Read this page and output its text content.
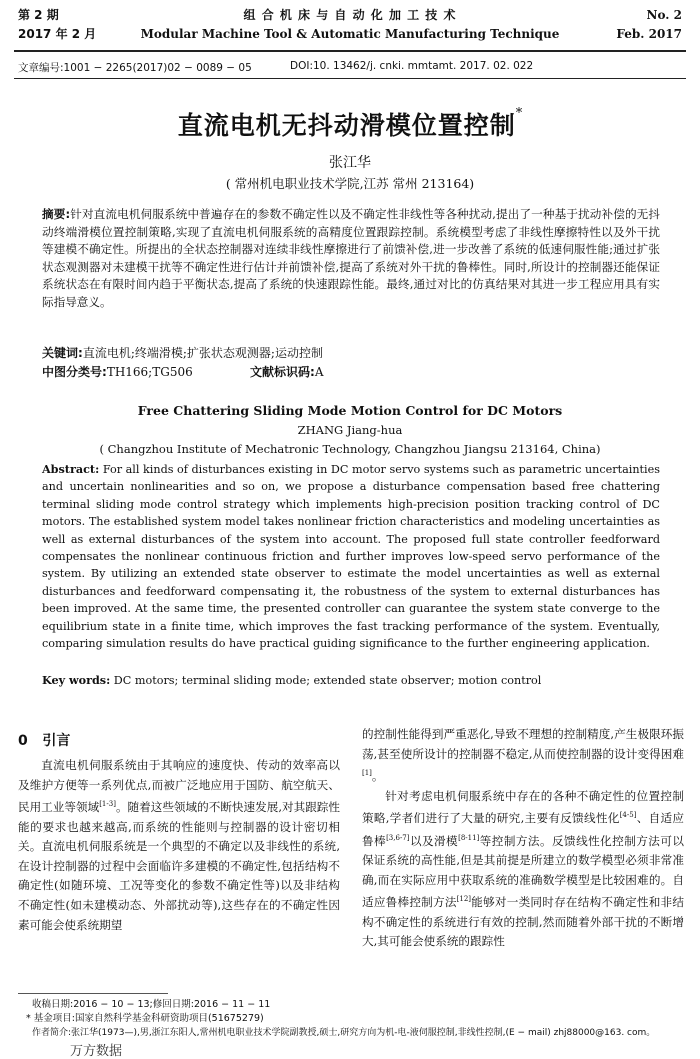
第 2 期
2017 年 2 月
组 合 机 床 与 自 动 化 加 工 技 术
Modular Machine Tool & Automatic Manufacturing Technique
No. 2
Feb. 2017
文章编号:1001 − 2265(2017)02 − 0089 − 05	DOI:10. 13462/j. cnki. mmtamt. 2017. 02. 022
直流电机无抖动滑模位置控制*
张江华
( 常州机电职业技术学院,江苏 常州 213164)
摘要:针对直流电机伺服系统中普遍存在的参数不确定性以及不确定性非线性等各种扰动,提出了一种基于扰动补偿的无抖动终端滑模位置控制策略,实现了直流电机伺服系统的高精度位置跟踪控制。系统模型考虑了非线性摩擦特性以及外干扰等建模不确定性。所提出的全状态控制器对连续非线性摩擦进行了前馈补偿,进一步改善了系统的低速伺服性能;通过扩张状态观测器对未建模干扰等不确定性进行估计并前馈补偿,提高了系统对外干扰的鲁棒性。同时,所设计的控制器还能保证系统状态在有限时间内趋于平衡状态,提高了系统的快速跟踪性能。最终,通过对比的仿真结果对其进一步工程应用具有实际指导意义。
关键词:直流电机;终端滑模;扩张状态观测器;运动控制
中图分类号:TH166;TG506	文献标识码:A
Free Chattering Sliding Mode Motion Control for DC Motors
ZHANG Jiang-hua
( Changzhou Institute of Mechatronic Technology, Changzhou Jiangsu 213164, China)
Abstract: For all kinds of disturbances existing in DC motor servo systems such as parametric uncertainties and uncertain nonlinearities and so on, we propose a disturbance compensation based free chattering terminal sliding mode control strategy which implements high-precision position tracking control of DC motors. The established system model takes nonlinear friction characteristics and modeling uncertainties as well as external disturbances of the system into account. The proposed full state controller feedforward compensates the nonlinear continuous friction and further improves low-speed servo performance of the system. By utilizing an extended state observer to estimate the model uncertainties as well as external disturbances and feedforward compensating it, the robustness of the system to external disturbances has been improved. At the same time, the presented controller can guarantee the system state converge to the equilibrium state in a finite time, which improves the fast tracking performance of the system. Eventually, comparing simulation results do have practical guiding significance to the further engineering application.
Key words: DC motors; terminal sliding mode; extended state observer; motion control
0 引言

直流电机伺服系统由于其响应的速度快、传动的效率高以及维护方便等一系列优点,而被广泛地应用于国防、航空航天、民用工业等领域[1-3]。随着这些领域的不断快速发展,对其跟踪性能的要求也越来越高,而系统的性能则与控制器的设计密切相关。直流电机伺服系统是一个典型的不确定以及非线性的系统,在设计控制器的过程中会面临许多建模的不确定性,包括结构不确定性(如随环境、工况等变化的参数不确定性等)以及非结构不确定性(如未建模动态、外部扰动等),这些存在的不确定性因素可能会使系统期望

的控制性能得到严重恶化,导致不理想的控制精度,产生极限环振荡,甚至使所设计的控制器不稳定,从而使控制器的设计变得困难[1]。

针对考虑电机伺服系统中存在的各种不确定性的位置控制策略,学者们进行了大量的研究,主要有反馈线性化[4-5]、自适应鲁棒[3,6-7]以及滑模[8-11]等控制方法。反馈线性化控制方法可以保证系统的高性能,但是其前提是所建立的数学模型必须非常准确,而在实际应用中获取系统的准确数学模型是比较困难的。自适应鲁棒控制方法[12]能够对一类同时存在结构不确定性和非结构不确定性的系统进行有效的控制,然而随着外部干扰的不断增大,其可能会使系统的跟踪性

收稿日期:2016 − 10 − 13;修回日期:2016 − 11 − 11
* 基金项目:国家自然科学基金科研资助项目(51675279)
作者简介:张江华(1973—),男,浙江东阳人,常州机电职业技术学院副教授,硕士,研究方向为机-电-液伺服控制,非线性控制,(E − mail) zhj88000@163. com。
万方数据
